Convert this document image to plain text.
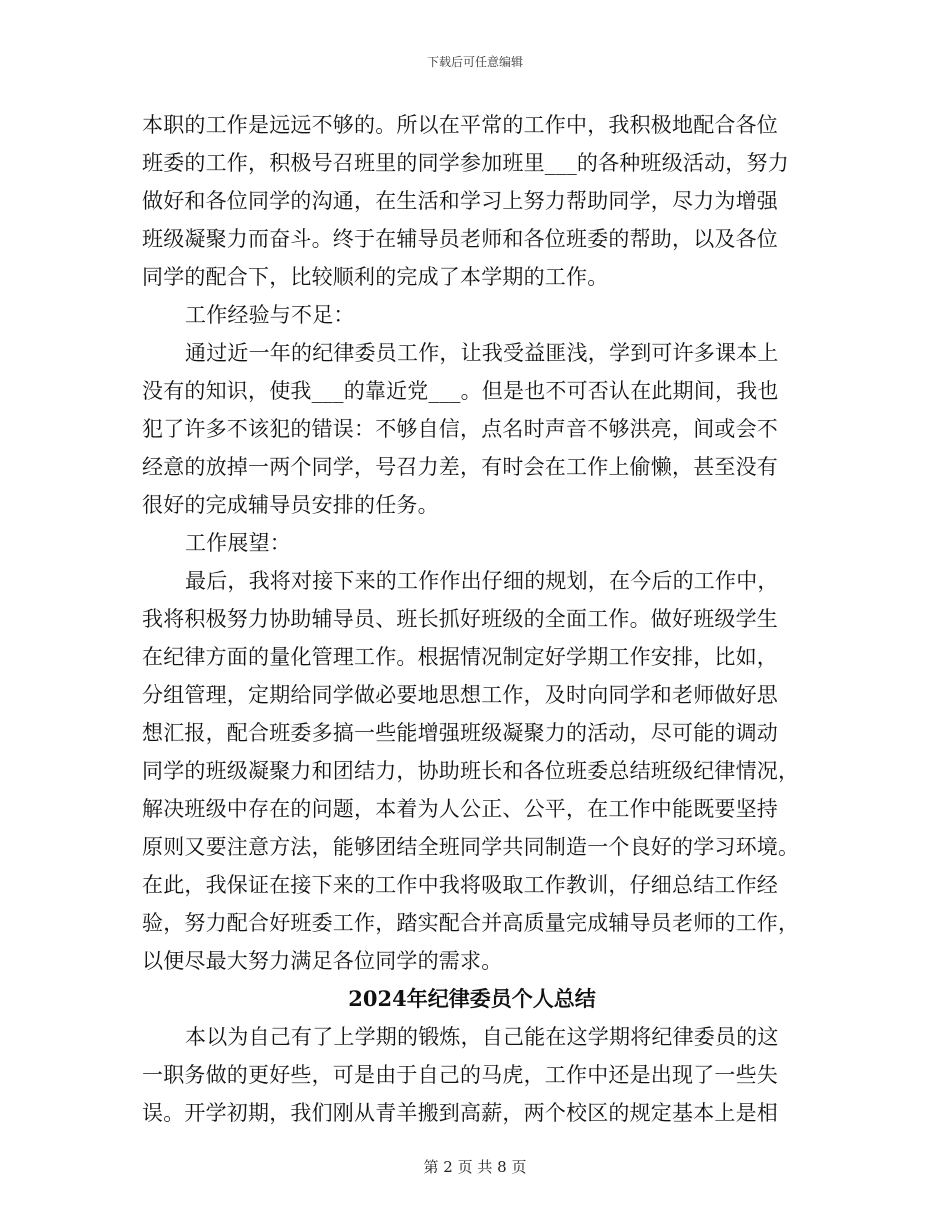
下载后可任意编辑
本职的工作是远远不够的。所以在平常的工作中，我积极地配合各位
班委的工作，积极号召班里的同学参加班里___的各种班级活动，努力
做好和各位同学的沟通，在生活和学习上努力帮助同学，尽力为增强
班级凝聚力而奋斗。终于在辅导员老师和各位班委的帮助，以及各位
同学的配合下，比较顺利的完成了本学期的工作。
工作经验与不足：
通过近一年的纪律委员工作，让我受益匪浅，学到可许多课本上
没有的知识，使我___的靠近党___。但是也不可否认在此期间，我也
犯了许多不该犯的错误：不够自信，点名时声音不够洪亮，间或会不
经意的放掉一两个同学，号召力差，有时会在工作上偷懒，甚至没有
很好的完成辅导员安排的任务。
工作展望：
最后，我将对接下来的工作作出仔细的规划，在今后的工作中，
我将积极努力协助辅导员、班长抓好班级的全面工作。做好班级学生
在纪律方面的量化管理工作。根据情况制定好学期工作安排，比如，
分组管理，定期给同学做必要地思想工作，及时向同学和老师做好思
想汇报，配合班委多搞一些能增强班级凝聚力的活动，尽可能的调动
同学的班级凝聚力和团结力，协助班长和各位班委总结班级纪律情况，
解决班级中存在的问题，本着为人公正、公平，在工作中能既要坚持
原则又要注意方法，能够团结全班同学共同制造一个良好的学习环境。
在此，我保证在接下来的工作中我将吸取工作教训，仔细总结工作经
验，努力配合好班委工作，踏实配合并高质量完成辅导员老师的工作，
以便尽最大努力满足各位同学的需求。
2024年纪律委员个人总结
本以为自己有了上学期的锻炼，自己能在这学期将纪律委员的这
一职务做的更好些，可是由于自己的马虎，工作中还是出现了一些失
误。开学初期，我们刚从青羊搬到高薪，两个校区的规定基本上是相
第 2 页 共 8 页
